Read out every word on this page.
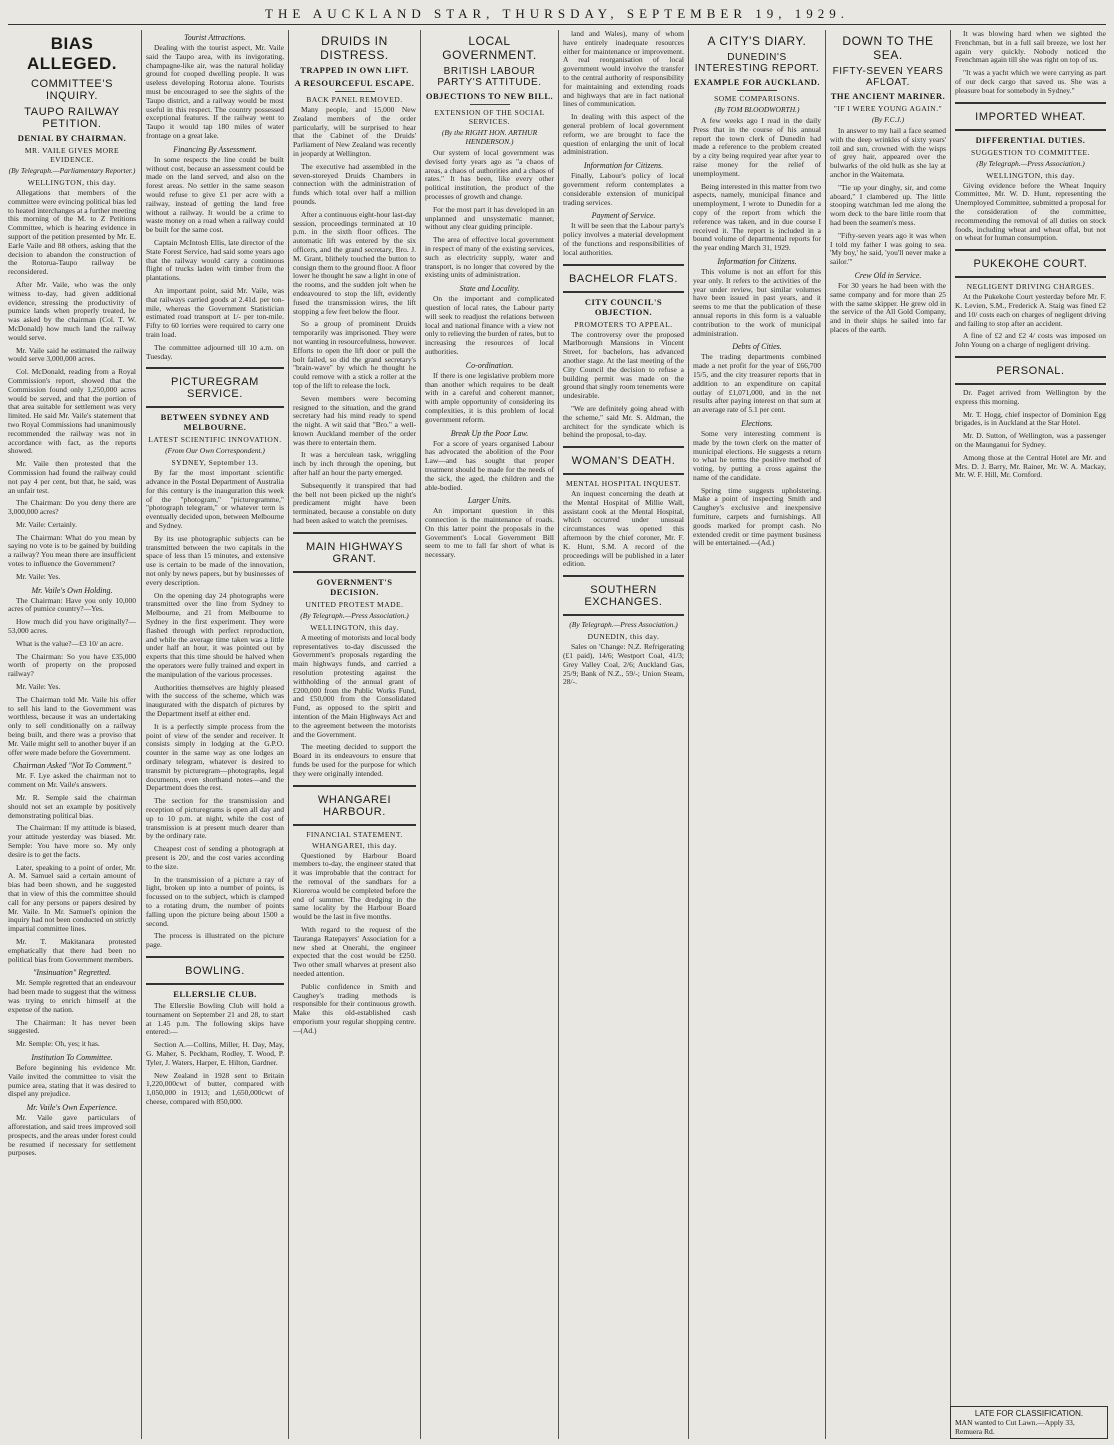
THE AUCKLAND STAR, THURSDAY, SEPTEMBER 19, 1929.
BIAS ALLEGED.
COMMITTEE'S INQUIRY.
TAUPO RAILWAY PETITION.
DENIAL BY CHAIRMAN.
MR. VAILE GIVES MORE EVIDENCE.
(By Telegraph.—Parliamentary Reporter.)
WELLINGTON, this day.

Allegations that members of the committee were evincing political bias led to heated interchanges at a further meeting this morning of the M. to Z Petitions Committee, which is hearing evidence in support of the petition presented by Mr. E. Earle Vaile and 88 others, asking that the decision to abandon the construction of the Rotorua-Taupo railway be reconsidered.

After Mr. Vaile, who was the only witness to-day, had given additional evidence, stressing the productivity of pumice lands when properly treated, he was asked by the chairman (Col. T. W. McDonald) how much land the railway would serve.

Mr. Vaile said he estimated the railway would serve 3,000,000 acres.

Col. McDonald, reading from a Royal Commission's report, showed that the Commission found only 1,250,000 acres would be served, and that the portion of that area suitable for settlement was very limited. He said Mr. Vaile's statement that two Royal Commissions had unanimously recommended the railway was not in accordance with fact, as the reports showed.

Mr. Vaile then protested that the Commission had found the railway could not pay 4 per cent, but that, he said, was an unfair test.

The Chairman: Do you deny there are 3,000,000 acres?

Mr. Vaile: Certainly.

The Chairman: What do you mean by saying no vote is to be gained by building a railway? You mean there are insufficient votes to influence the Government?

Mr. Vaile: Yes.

Mr. Vaile's Own Holding.

The Chairman: Have you only 10,000 acres of pumice country?—Yes.

How much did you have originally?—53,000 acres.

What is the value?—£3 10/ an acre.

The Chairman: So you have £35,000 worth of property on the proposed railway?

Mr. Vaile: Yes.

The Chairman told Mr. Vaile his offer to sell his land to the Government was worthless, because it was an undertaking only to sell conditionally on a railway being built, and there was a proviso that Mr. Vaile might sell to another buyer if an offer were made before the Government.

Chairman Asked "Not To Comment."

Mr. F. Lye asked the chairman not to comment on Mr. Vaile's answers.

Mr. R. Semple said the chairman should not set an example by positively demonstrating political bias.

The Chairman: If my attitude is biased, your attitude yesterday was biased. Mr. Semple: You have more so. My only desire is to get the facts.

Later, speaking to a point of order, Mr. A. M. Samuel said a certain amount of bias had been shown, and he suggested that in view of this the committee should call for any persons or papers desired by Mr. Vaile. In Mr. Samuel's opinion the inquiry had not been conducted on strictly impartial committee lines.

Mr. T. Makitanara protested emphatically that there had been no political bias from Government members.

"Insinuation" Regretted.

Mr. Semple regretted that an endeavour had been made to suggest that the witness was trying to enrich himself at the expense of the nation.

The Chairman: It has never been suggested.

Mr. Semple: Oh, yes; it has.

Institution To Committee.

Before beginning his evidence Mr. Vaile invited the committee to visit the pumice area, stating that it was desired to dispel any prejudice.

Mr. Vaile's Own Experience.

Mr. Vaile gave particulars of afforestation, and said trees improved soil prospects, and the areas under forest could be resumed if necessary for settlement purposes.

Tourist Attractions.

Dealing with the tourist aspect, Mr. Vaile said the Taupo area, with its invigorating, champagne-like air, was the natural holiday ground for cooped dwelling people. It was useless developing Rotorua alone. Tourists must be encouraged to see the sights of the Taupo district, and a railway would be most useful in this respect. The country possessed exceptional features. If the railway went to Taupo it would tap 180 miles of water frontage on a great lake.

Financing By Assessment.

In some respects the line could be built without cost, because an assessment could be made on the land served, and also on the forest areas. No settler in the same season would refuse to give £1 per acre with a railway, instead of getting the land free without a railway. It would be a crime to waste money on a road when a railway could be built for the same cost.

Captain McIntosh Ellis, late director of the State Forest Service, had said some years ago that the railway would carry a continuous flight of trucks laden with timber from the plantations.

An important point, said Mr. Vaile, was that railways carried goods at 2.41d. per ton-mile, whereas the Government Statistician estimated road transport at 1/- per ton-mile. Fifty to 60 lorries were required to carry one train load.

The committee adjourned till 10 a.m. on Tuesday.

PICTUREGRAM SERVICE.
BETWEEN SYDNEY AND MELBOURNE.
LATEST SCIENTIFIC INNOVATION.
(From Our Own Correspondent.)
SYDNEY, September 13.

By far the most important scientific advance in the Postal Department of Australia for this century is the inauguration this week of the "photogram," "picturegramme," "photograph telegram," or whatever term is eventually decided upon, between Melbourne and Sydney.

By its use photographic subjects can be transmitted between the two capitals in the space of less than 15 minutes, and extensive use is certain to be made of the innovation, not only by news papers, but by businesses of every description.

On the opening day 24 photographs were transmitted over the line from Sydney to Melbourne, and 21 from Melbourne to Sydney in the first experiment. They were flashed through with perfect reproduction, and while the average time taken was a little under half an hour, it was pointed out by experts that this time should be halved when the operators were fully trained and expert in the manipulation of the various processes.

Authorities themselves are highly pleased with the success of the scheme, which was inaugurated with the dispatch of pictures by the Department itself at either end.

It is a perfectly simple process from the point of view of the sender and receiver. It consists simply in lodging at the G.P.O. counter in the same way as one lodges an ordinary telegram, whatever is desired to transmit by picturegram—photographs, legal documents, even shorthand notes—and the Department does the rest.

The section for the transmission and reception of picturegrams is open all day and up to 10 p.m. at night, while the cost of transmission is at present much dearer than by the ordinary rate.

Cheapest cost of sending a photograph at present is 20/, and the cost varies according to the size.

In the transmission of a picture a ray of light, broken up into a number of points, is focussed on to the subject, which is clamped to a rotating drum, the number of points falling upon the picture being about 1500 a second.

The process is illustrated on the picture page.

BOWLING.
ELLERSLIE CLUB.

The Ellerslie Bowling Club will hold a tournament on September 21 and 28, to start at 1.45 p.m. The following skips have entered:—

Section A.—Collins, Miller, H. Day, May, G. Maher, S. Peckham, Rodley, T. Wood, P. Tyler, J. Waters, Harper, E. Hilton, Gardner.

New Zealand in 1928 sent to Britain 1,220,000cwt of butter, compared with 1,050,000 in 1913; and 1,650,000cwt of cheese, compared with 850,000.

DRUIDS IN DISTRESS.
TRAPPED IN OWN LIFT.
A RESOURCEFUL ESCAPE.
BACK PANEL REMOVED.

Many people, and 15,000 New Zealand members of the order particularly, will be surprised to hear that the Cabinet of the Druids' Parliament of New Zealand was recently in jeopardy at Wellington.

The executive had assembled in the seven-storeyed Druids Chambers in connection with the administration of funds which total over half a million pounds.

After a continuous eight-hour last-day session, proceedings terminated at 10 p.m. in the sixth floor offices. The automatic lift was entered by the six officers, and the grand secretary, Bro. J. M. Grant, blithely touched the button to consign them to the ground floor. A floor lower he thought he saw a light in one of the rooms, and the sudden jolt when he endeavoured to stop the lift, evidently fused the transmission wires, the lift stopping a few feet below the floor.

So a group of prominent Druids temporarily was imprisoned. They were not wanting in resourcefulness, however. Efforts to open the lift door or pull the bolt failed, so did the grand secretary's "brain-wave" by which he thought he could remove with a stick a roller at the top of the lift to release the lock.

Seven members were becoming resigned to the situation, and the grand secretary had his mind ready to spend the night. A wit said that "Bro." a well-known Auckland member of the order was there to entertain them.

It was a herculean task, wriggling inch by inch through the opening, but after half an hour the party emerged.

Subsequently it transpired that had the bell not been picked up the night's predicament might have been terminated, because a constable on duty had been asked to watch the premises.

MAIN HIGHWAYS GRANT.
GOVERNMENT'S DECISION.
UNITED PROTEST MADE.
(By Telegraph.—Press Association.)
WELLINGTON, this day.

A meeting of motorists and local body representatives to-day discussed the Government's proposals regarding the main highways funds, and carried a resolution protesting against the withholding of the annual grant of £200,000 from the Public Works Fund, and £50,000 from the Consolidated Fund, as opposed to the spirit and intention of the Main Highways Act and to the agreement between the motorists and the Government.

The meeting decided to support the Board in its endeavours to ensure that funds be used for the purpose for which they were originally intended.

WHANGAREI HARBOUR.
FINANCIAL STATEMENT.
WHANGAREI, this day.

Questioned by Harbour Board members to-day, the engineer stated that it was improbable that the contract for the removal of the sandbars for a Kioreroa would be completed before the end of summer. The dredging in the same locality by the Harbour Board would be the last in five months.

With regard to the request of the Tauranga Ratepayers' Association for a new shed at Onerahi, the engineer expected that the cost would be £250. Two other small wharves at present also needed attention.

Public confidence in Smith and Caughey's trading methods is responsible for their continuous growth. Make this old-established cash emporium your regular shopping centre.—(Ad.)

LOCAL GOVERNMENT.
BRITISH LABOUR PARTY'S ATTITUDE.
OBJECTIONS TO NEW BILL.
EXTENSION OF THE SOCIAL SERVICES.
(By the RIGHT HON. ARTHUR HENDERSON.)

Our system of local government was devised forty years ago as "a chaos of areas, a chaos of authorities and a chaos of rates." It has been, like every other political institution, the product of the processes of growth and change.

For the most part it has developed in an unplanned and unsystematic manner, without any clear guiding principle.

The area of effective local government in respect of many of the existing services, such as electricity supply, water and transport, is no longer that covered by the existing units of administration.

State and Locality.

On the important and complicated question of local rates, the Labour party will seek to readjust the relations between local and national finance with a view not only to relieving the burden of rates, but to increasing the resources of local authorities.

Co-ordination.

If there is one legislative problem more than another which requires to be dealt with in a careful and coherent manner, with ample opportunity of considering its complexities, it is this problem of local government reform.

Break Up the Poor Law.

For a score of years organised Labour has advocated the abolition of the Poor Law—and has sought that proper treatment should be made for the needs of the sick, the aged, the children and the able-bodied.

Larger Units.

An important question in this connection is the maintenance of roads. On this latter point the proposals in the Government's Local Government Bill seem to me to fall far short of what is necessary.

land and Wales), many of whom have entirely inadequate resources either for maintenance or improvement. A real reorganisation of local government would involve the transfer to the central authority of responsibility for maintaining and extending roads and highways that are in fact national lines of communication.

In dealing with this aspect of the general problem of local government reform, we are brought to face the question of enlarging the unit of local administration.

Information for Citizens.

Finally, Labour's policy of local government reform contemplates a considerable extension of municipal trading services.

Payment of Service.

It will be seen that the Labour party's policy involves a material development of the functions and responsibilities of local authorities.

BACHELOR FLATS.
CITY COUNCIL'S OBJECTION.
PROMOTERS TO APPEAL.

The controversy over the proposed Marlborough Mansions in Vincent Street, for bachelors, has advanced another stage. At the last meeting of the City Council the decision to refuse a building permit was made on the ground that singly room tenements were undesirable.

"We are definitely going ahead with the scheme," said Mr. S. Aldman, the architect for the syndicate which is behind the proposal, to-day.

WOMAN'S DEATH.
MENTAL HOSPITAL INQUEST.

An inquest concerning the death at the Mental Hospital of Millie Wall, assistant cook at the Mental Hospital, which occurred under unusual circumstances was opened this afternoon by the chief coroner, Mr. F. K. Hunt, S.M. A record of the proceedings will be published in a later edition.

SOUTHERN EXCHANGES.
(By Telegraph.—Press Association.)
DUNEDIN, this day.

Sales on 'Change: N.Z. Refrigerating (£1 paid), 14/6; Westport Coal, 41/3; Grey Valley Coal, 2/6; Auckland Gas, 25/9; Bank of N.Z., 59/-; Union Steam, 28/-.

A CITY'S DIARY.
DUNEDIN'S INTERESTING REPORT.
EXAMPLE FOR AUCKLAND.
SOME COMPARISONS.
(By TOM BLOODWORTH.)

A few weeks ago I read in the daily Press that in the course of his annual report the town clerk of Dunedin had made a reference to the problem created by a city being required year after year to raise money for the relief of unemployment.

Being interested in this matter from two aspects, namely, municipal finance and unemployment, I wrote to Dunedin for a copy of the report from which the reference was taken, and in due course I received it. The report is included in a bound volume of departmental reports for the year ending March 31, 1929.

Information for Citizens.

This volume is not an effort for this year only. It refers to the activities of the year under review, but similar volumes have been issued in past years, and it seems to me that the publication of these annual reports in this form is a valuable contribution to the work of municipal administration.

Debts of Cities.

The trading departments combined made a net profit for the year of £66,700 15/5, and the city treasurer reports that in addition to an expenditure on capital outlay of £1,071,000, and in the net results after paying interest on that sum at an average rate of 5.1 per cent.

Elections.

Some very interesting comment is made by the town clerk on the matter of municipal elections. He suggests a return to what he terms the positive method of voting, by putting a cross against the name of the candidate.

Spring time suggests upholstering. Make a point of inspecting Smith and Caughey's exclusive and inexpensive furniture, carpets and furnishings. All goods marked for prompt cash. No extended credit or time payment business will be entertained.—(Ad.)

DOWN TO THE SEA.
FIFTY-SEVEN YEARS AFLOAT.
THE ANCIENT MARINER.
"IF I WERE YOUNG AGAIN."
(By F.C.J.)

In answer to my hail a face seamed with the deep wrinkles of sixty years' toil and sun, crowned with the wisps of grey hair, appeared over the bulwarks of the old hulk as she lay at anchor in the Waitemata.

"Tie up your dinghy, sir, and come aboard," I clambered up. The little stooping watchman led me along the worn deck to the bare little room that had been the seamen's mess.

"Fifty-seven years ago it was when I told my father I was going to sea. 'My boy,' he said, 'you'll never make a sailor.'"

Crew Old in Service.

For 30 years he had been with the same company and for more than 25 with the same skipper. He grew old in the service of the All Gold Company, and in their ships he sailed into far places of the earth.

It was blowing hard when we sighted the Frenchman, but in a full sail breeze, we lost her again very quickly. Nobody noticed the Frenchman again till she was right on top of us.

"It was a yacht which we were carrying as part of our deck cargo that saved us. She was a pleasure boat for somebody in Sydney."

IMPORTED WHEAT.
DIFFERENTIAL DUTIES.
SUGGESTION TO COMMITTEE.
(By Telegraph.—Press Association.)
WELLINGTON, this day.

Giving evidence before the Wheat Inquiry Committee, Mr. W. D. Hunt, representing the Unemployed Committee, submitted a proposal for the consideration of the committee, recommending the removal of all duties on stock foods, including wheat and wheat offal, but not on wheat for human consumption.

PUKEKOHE COURT.
NEGLIGENT DRIVING CHARGES.

At the Pukekohe Court yesterday before Mr. F. K. Levien, S.M., Frederick A. Staig was fined £2 and 10/ costs each on charges of negligent driving and failing to stop after an accident.

A fine of £2 and £2 4/ costs was imposed on John Young on a charge of negligent driving.

PERSONAL.

Dr. Paget arrived from Wellington by the express this morning.

Mr. T. Hogg, chief inspector of Dominion Egg brigades, is in Auckland at the Star Hotel.

Mr. D. Sutton, of Wellington, was a passenger on the Maunganui for Sydney.

Among those at the Central Hotel are Mr. and Mrs. D. J. Barry, Mr. Rainer, Mr. W. A. Mackay, Mr. W. F. Hill, Mr. Cornford.

LATE FOR CLASSIFICATION.
MAN wanted to Cut Lawn.—Apply 33, Remuera Rd.
